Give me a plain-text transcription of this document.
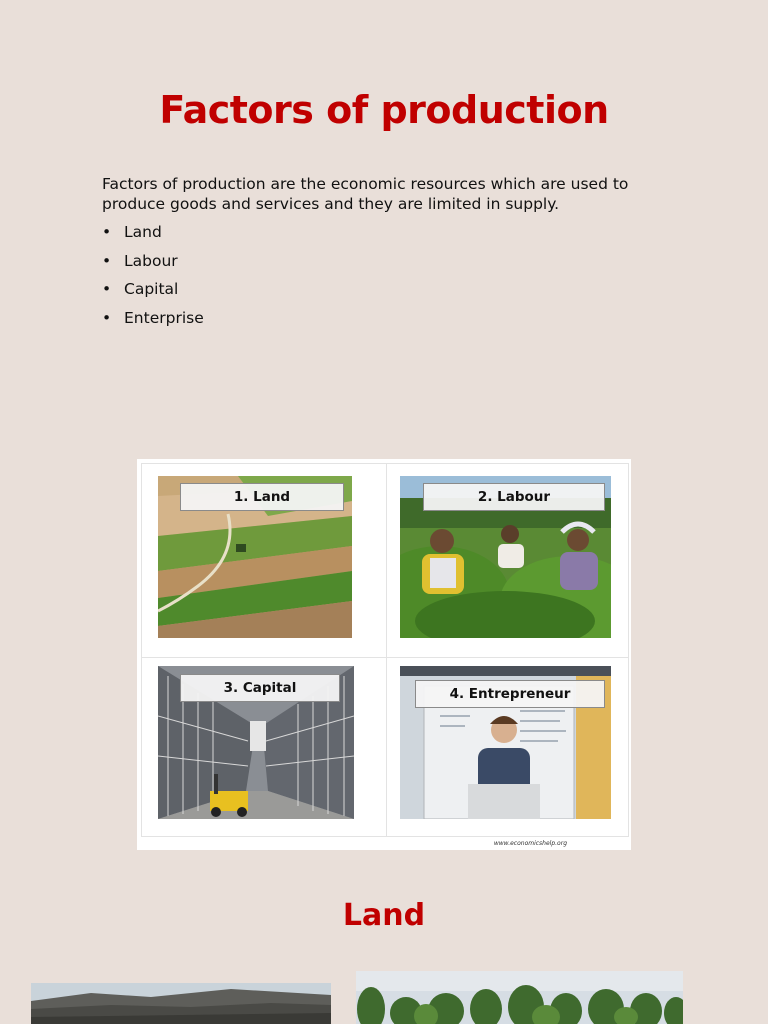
Factors of production
Factors of production are the economic resources which are used to produce goods and services and they are limited in supply.
• Land
• Labour
• Capital
• Enterprise
1. Land	2. Labour
3. Capital	4. Entrepreneur
www.economicshelp.org
Land
